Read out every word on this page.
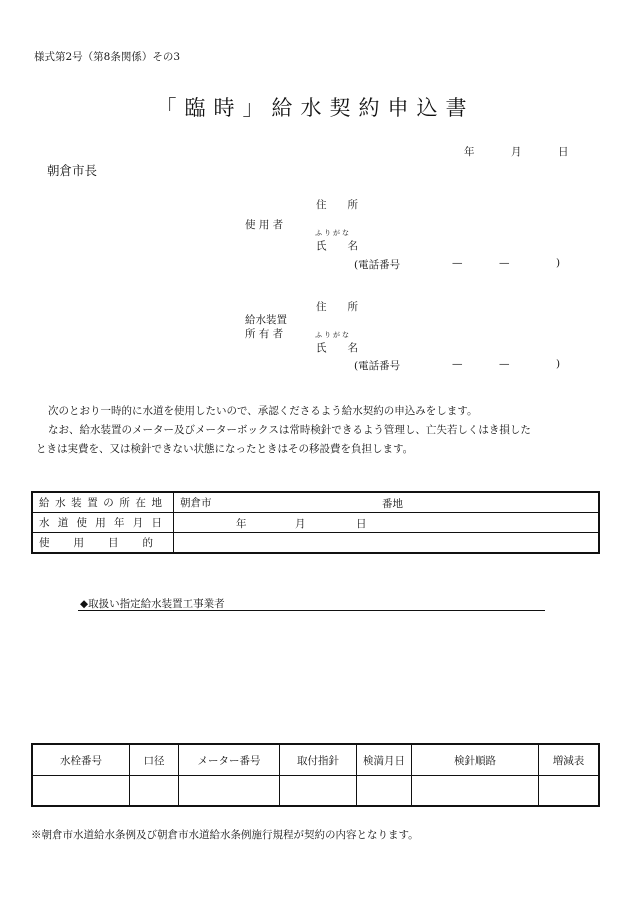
様式第2号（第8条関係）その3
「臨時」給水契約申込書
年	月	日
朝倉市長
住　　所
使 用 者
ふりがな
氏　　名
(電話番号	—	—	)
住　　所
給水装置
所 有 者	ふりがな
氏　　名
(電話番号	—	—	)
次のとおり一時的に水道を使用したいので、承認くださるよう給水契約の申込みをします。
なお、給水装置のメーター及びメーターボックスは常時検針できるよう管理し、亡失若しくはき損した
ときは実費を、又は検針できない状態になったときはその移設費を負担します。
給水装置の所在地	朝倉市 番地

水道使用年月日	年 月 日

使用目的	
◆取扱い指定給水装置工事業者
水栓番号	口径	メーター番号	取付指針	検満月日	検針順路	増減表

※朝倉市水道給水条例及び朝倉市水道給水条例施行規程が契約の内容となります。
